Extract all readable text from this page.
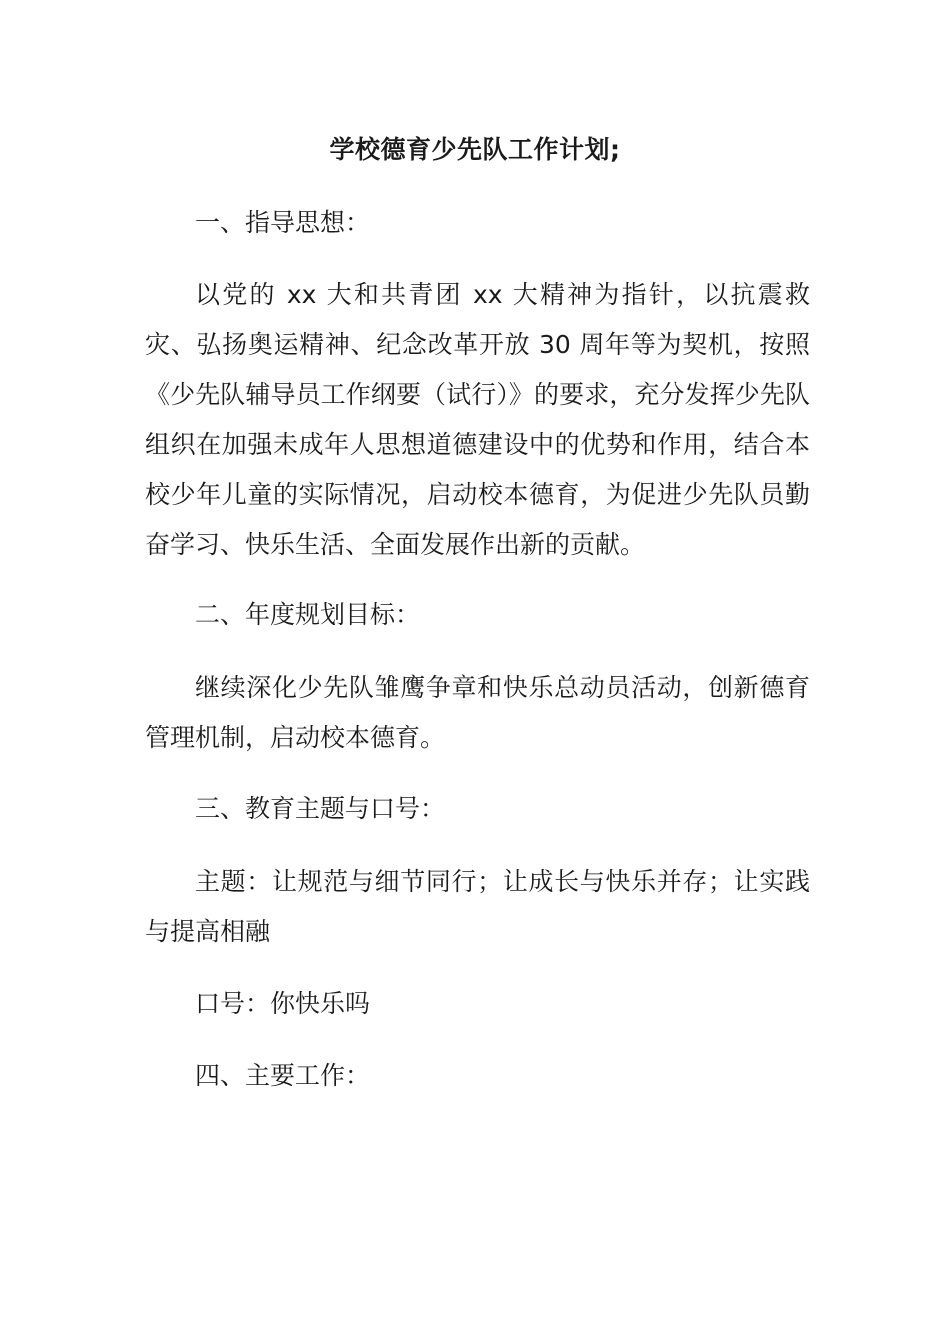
学校德育少先队工作计划;
一、指导思想：
以党的 xx 大和共青团 xx 大精神为指针，以抗震救灾、弘扬奥运精神、纪念改革开放 30 周年等为契机，按照《少先队辅导员工作纲要（试行）》的要求，充分发挥少先队组织在加强未成年人思想道德建设中的优势和作用，结合本校少年儿童的实际情况，启动校本德育，为促进少先队员勤奋学习、快乐生活、全面发展作出新的贡献。
二、年度规划目标：
继续深化少先队雏鹰争章和快乐总动员活动，创新德育管理机制，启动校本德育。
三、教育主题与口号：
主题：让规范与细节同行；让成长与快乐并存；让实践与提高相融
口号：你快乐吗
四、主要工作：
